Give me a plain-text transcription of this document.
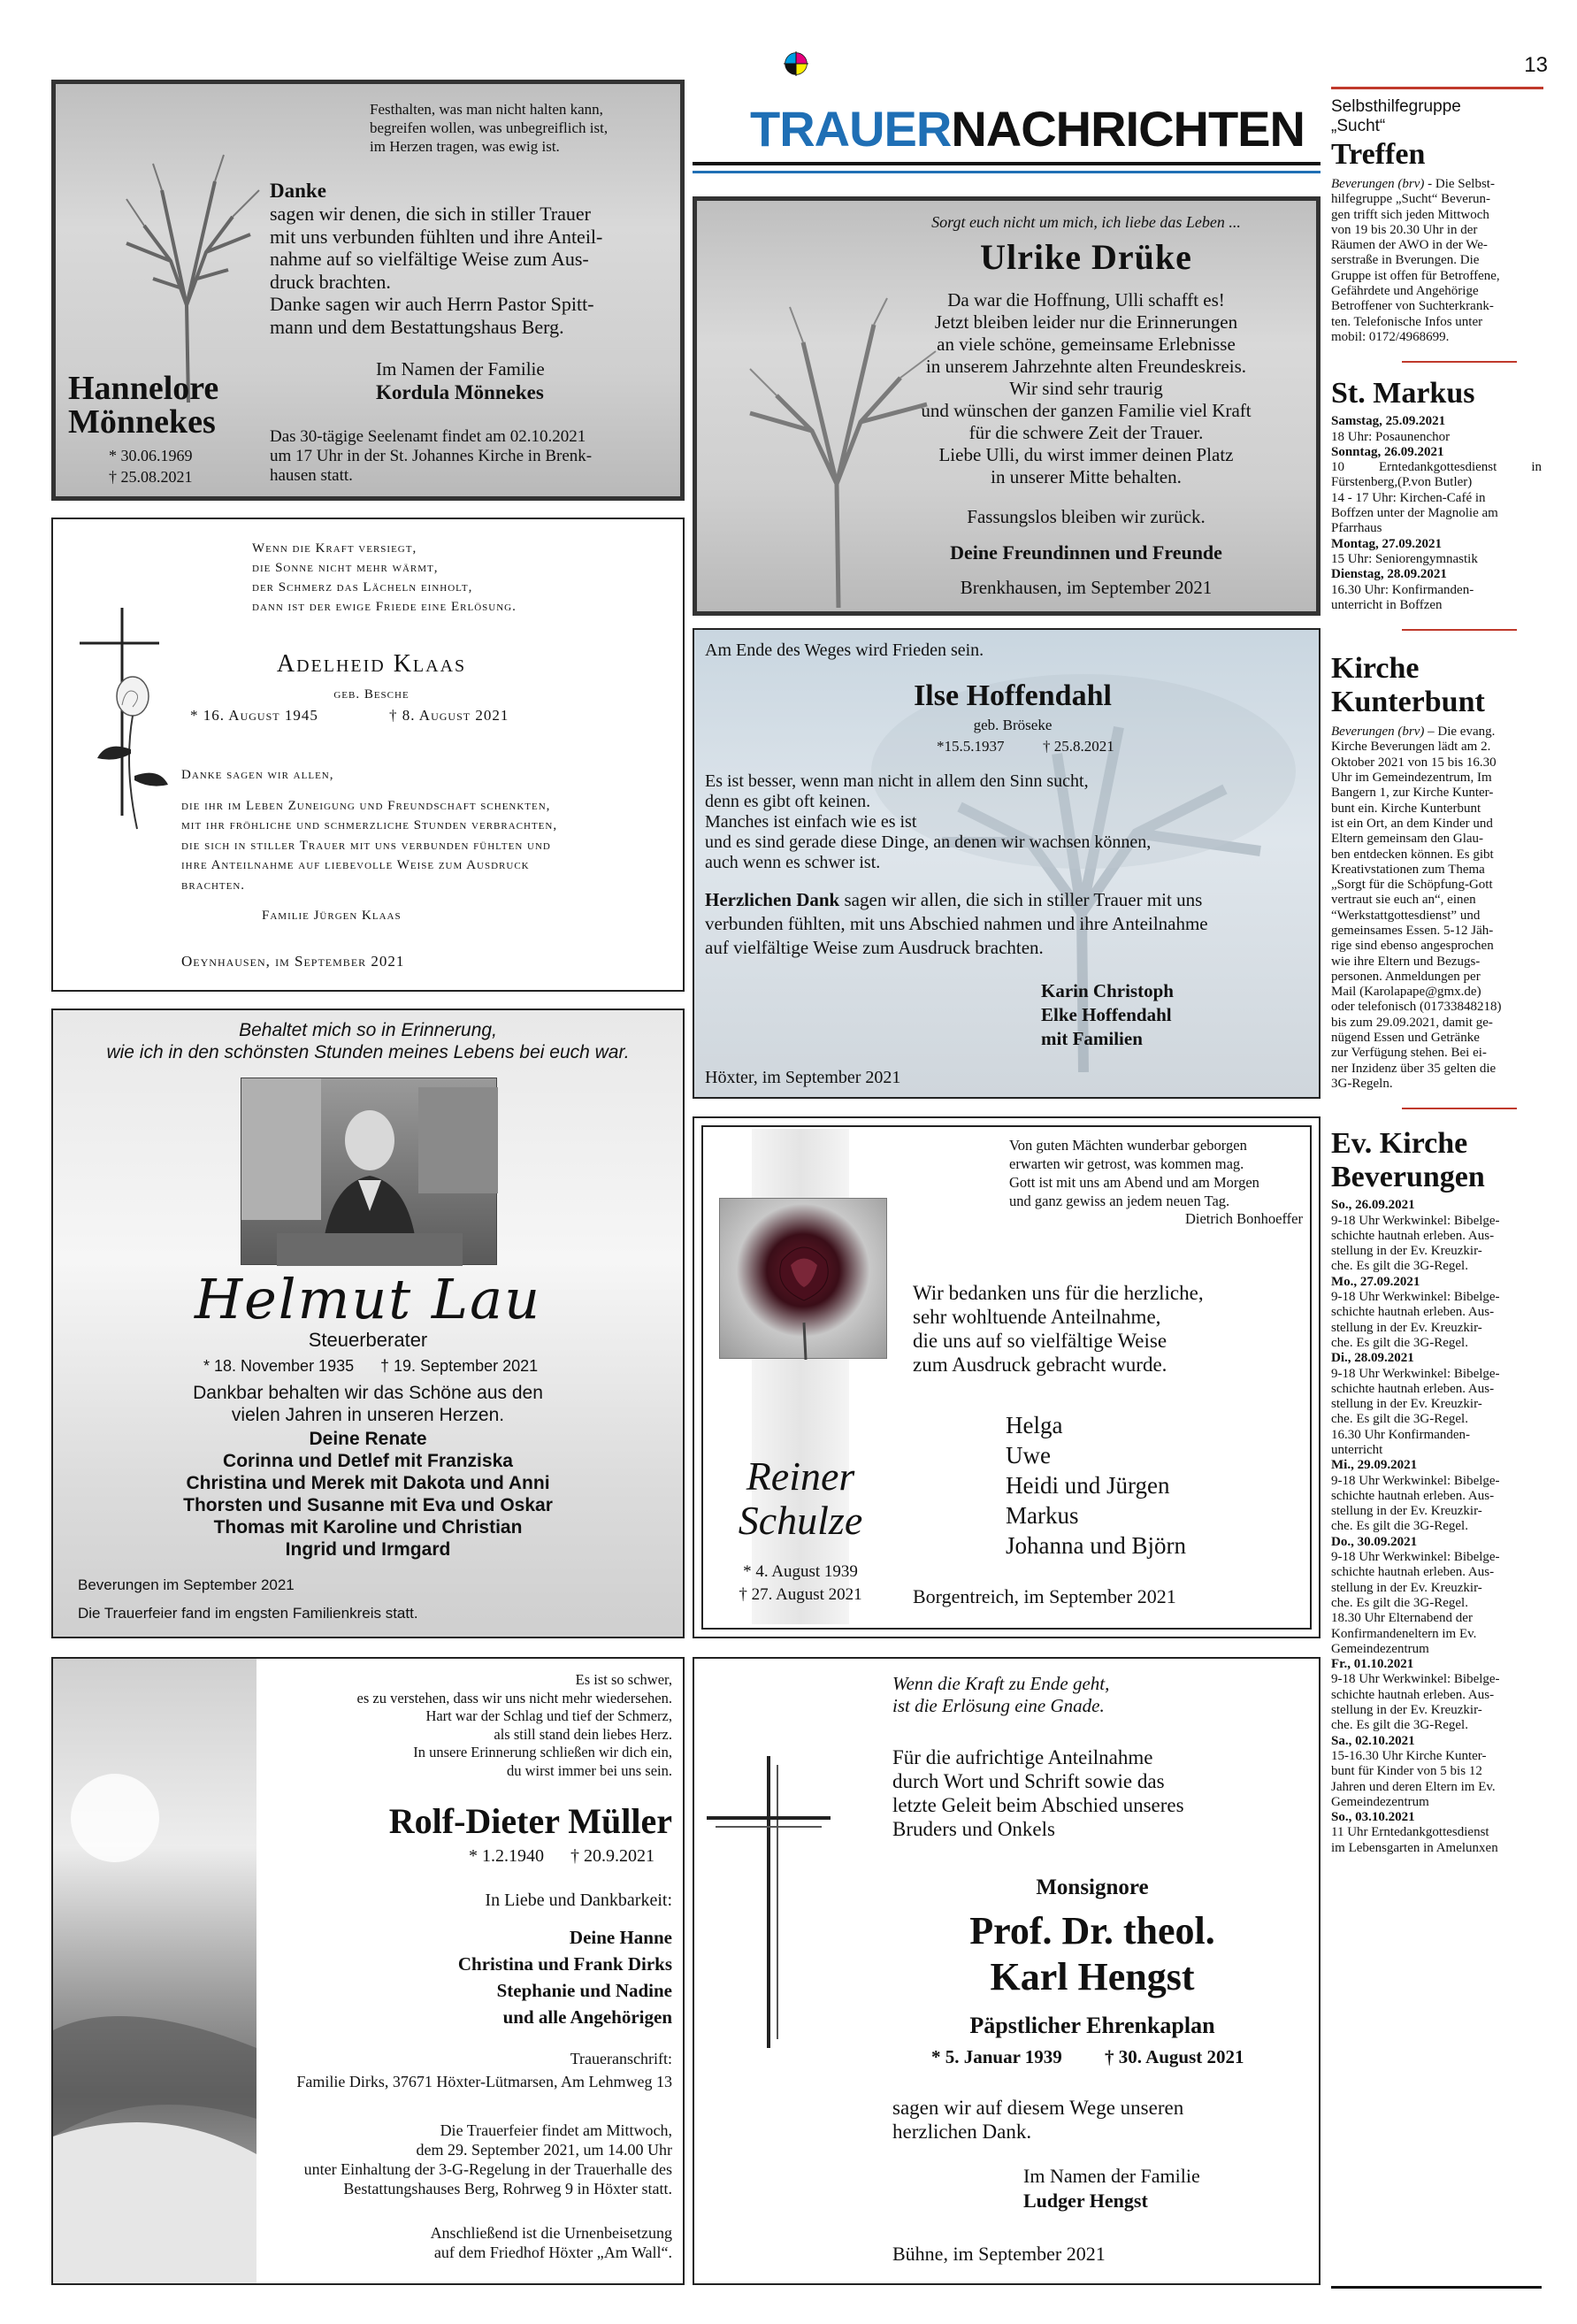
13
TRAUERNACHRICHTEN
Festhalten, was man nicht halten kann,
begreifen wollen, was unbegreiflich ist,
im Herzen tragen, was ewig ist.
Danke
sagen wir denen, die sich in stiller Trauer
mit uns verbunden fühlten und ihre Anteil-
nahme auf so vielfältige Weise zum Aus-
druck brachten.
Danke sagen wir auch Herrn Pastor Spitt-
mann und dem Bestattungshaus Berg.
Im Namen der Familie
Kordula Mönnekes
Hannelore
Mönnekes
* 30.06.1969
† 25.08.2021
Das 30-tägige Seelenamt findet am 02.10.2021
um 17 Uhr in der St. Johannes Kirche in Brenk-
hausen statt.
Sorgt euch nicht um mich, ich liebe das Leben ...
Ulrike Drüke
Da war die Hoffnung, Ulli schafft es!
Jetzt bleiben leider nur die Erinnerungen
an viele schöne, gemeinsame Erlebnisse
in unserem Jahrzehnte alten Freundeskreis.
Wir sind sehr traurig
und wünschen der ganzen Familie viel Kraft
für die schwere Zeit der Trauer.
Liebe Ulli, du wirst immer deinen Platz
in unserer Mitte behalten.
Fassungslos bleiben wir zurück.
Deine Freundinnen und Freunde
Brenkhausen, im September 2021
Wenn die Kraft versiegt,
die Sonne nicht mehr wärmt,
der Schmerz das Lächeln einholt,
dann ist der ewige Friede eine Erlösung.
Adelheid Klaas
geb. Besche
* 16. August 1945	† 8. August 2021
Danke sagen wir allen,
die ihr im Leben Zuneigung und Freundschaft schenkten,
mit ihr fröhliche und schmerzliche Stunden verbrachten,
die sich in stiller Trauer mit uns verbunden fühlten und
ihre Anteilnahme auf liebevolle Weise zum Ausdruck
brachten.
Familie Jürgen Klaas
Oeynhausen, im September 2021
Am Ende des Weges wird Frieden sein.
Ilse Hoffendahl
geb. Bröseke
*15.5.1937	† 25.8.2021
Es ist besser, wenn man nicht in allem den Sinn sucht,
denn es gibt oft keinen.
Manches ist einfach wie es ist
und es sind gerade diese Dinge, an denen wir wachsen können,
auch wenn es schwer ist.
Herzlichen Dank sagen wir allen, die sich in stiller Trauer mit uns
verbunden fühlten, mit uns Abschied nahmen und ihre Anteilnahme
auf vielfältige Weise zum Ausdruck brachten.
Karin Christoph
Elke Hoffendahl
mit Familien
Höxter, im September 2021
Behaltet mich so in Erinnerung,
wie ich in den schönsten Stunden meines Lebens bei euch war.
Helmut Lau
Steuerberater
* 18. November 1935 † 19. September 2021
Dankbar behalten wir das Schöne aus den
vielen Jahren in unseren Herzen.
Deine Renate
Corinna und Detlef mit Franziska
Christina und Merek mit Dakota und Anni
Thorsten und Susanne mit Eva und Oskar
Thomas mit Karoline und Christian
Ingrid und Irmgard
Beverungen im September 2021
Die Trauerfeier fand im engsten Familienkreis statt.
Von guten Mächten wunderbar geborgen
erwarten wir getrost, was kommen mag.
Gott ist mit uns am Abend und am Morgen
und ganz gewiss an jedem neuen Tag.
Dietrich Bonhoeffer
Wir bedanken uns für die herzliche,
sehr wohltuende Anteilnahme,
die uns auf so vielfältige Weise
zum Ausdruck gebracht wurde.
Helga
Uwe
Heidi und Jürgen
Markus
Johanna und Björn
Reiner
Schulze
* 4. August 1939
† 27. August 2021	Borgentreich, im September 2021
Es ist so schwer,
es zu verstehen, dass wir uns nicht mehr wiedersehen.
Hart war der Schlag und tief der Schmerz,
als still stand dein liebes Herz.
In unsere Erinnerung schließen wir dich ein,
du wirst immer bei uns sein.
Rolf-Dieter Müller
* 1.2.1940 † 20.9.2021
In Liebe und Dankbarkeit:
Deine Hanne
Christina und Frank Dirks
Stephanie und Nadine
und alle Angehörigen
Traueranschrift:
Familie Dirks, 37671 Höxter-Lütmarsen, Am Lehmweg 13
Die Trauerfeier findet am Mittwoch,
dem 29. September 2021, um 14.00 Uhr
unter Einhaltung der 3-G-Regelung in der Trauerhalle des
Bestattungshauses Berg, Rohrweg 9 in Höxter statt.
Anschließend ist die Urnenbeisetzung
auf dem Friedhof Höxter „Am Wall“.
Wenn die Kraft zu Ende geht,
ist die Erlösung eine Gnade.
Für die aufrichtige Anteilnahme
durch Wort und Schrift sowie das
letzte Geleit beim Abschied unseres
Bruders und Onkels
Monsignore
Prof. Dr. theol.
Karl Hengst
Päpstlicher Ehrenkaplan
* 5. Januar 1939 † 30. August 2021
sagen wir auf diesem Wege unseren
herzlichen Dank.
Im Namen der Familie
Ludger Hengst
Bühne, im September 2021
Selbsthilfegruppe
„Sucht“
Treffen
Beverungen (brv) - Die Selbst-
hilfegruppe „Sucht“ Beverun-
gen trifft sich jeden Mittwoch
von 19 bis 20.30 Uhr in der
Räumen der AWO in der We-
serstraße in Bverungen. Die
Gruppe ist offen für Betroffene,
Gefährdete und Angehörige
Betroffener von Suchterkrank-
ten. Telefonische Infos unter
mobil: 0172/4968699.
St. Markus
Samstag, 25.09.2021
18 Uhr: Posaunenchor
Sonntag, 26.09.2021
10 Erntedankgottesdienst in
Fürstenberg,(P.von Butler)
14 - 17 Uhr: Kirchen-Café in
Boffzen unter der Magnolie am
Pfarrhaus
Montag, 27.09.2021
15 Uhr: Seniorengymnastik
Dienstag, 28.09.2021
16.30 Uhr: Konfirmanden-
unterricht in Boffzen
Kirche
Kunterbunt
Beverungen (brv) – Die evang.
Kirche Beverungen lädt am 2.
Oktober 2021 von 15 bis 16.30
Uhr im Gemeindezentrum, Im
Bangern 1, zur Kirche Kunter-
bunt ein. Kirche Kunterbunt
ist ein Ort, an dem Kinder und
Eltern gemeinsam den Glau-
ben entdecken können. Es gibt
Kreativstationen zum Thema
„Sorgt für die Schöpfung-Gott
vertraut sie euch an“, einen
“Werkstattgottesdienst” und
gemeinsames Essen. 5-12 Jäh-
rige sind ebenso angesprochen
wie ihre Eltern und Bezugs-
personen. Anmeldungen per
Mail (Karolapape@gmx.de)
oder telefonisch (01733848218)
bis zum 29.09.2021, damit ge-
nügend Essen und Getränke
zur Verfügung stehen. Bei ei-
ner Inzidenz über 35 gelten die
3G-Regeln.
Ev. Kirche
Beverungen
So., 26.09.2021
9-18 Uhr Werkwinkel: Bibelge-
schichte hautnah erleben. Aus-
stellung in der Ev. Kreuzkir-
che. Es gilt die 3G-Regel.
Mo., 27.09.2021
9-18 Uhr Werkwinkel: Bibelge-
schichte hautnah erleben. Aus-
stellung in der Ev. Kreuzkir-
che. Es gilt die 3G-Regel.
Di., 28.09.2021
9-18 Uhr Werkwinkel: Bibelge-
schichte hautnah erleben. Aus-
stellung in der Ev. Kreuzkir-
che. Es gilt die 3G-Regel.
16.30 Uhr Konfirmanden-
unterricht
Mi., 29.09.2021
9-18 Uhr Werkwinkel: Bibelge-
schichte hautnah erleben. Aus-
stellung in der Ev. Kreuzkir-
che. Es gilt die 3G-Regel.
Do., 30.09.2021
9-18 Uhr Werkwinkel: Bibelge-
schichte hautnah erleben. Aus-
stellung in der Ev. Kreuzkir-
che. Es gilt die 3G-Regel.
18.30 Uhr Elternabend der
Konfirmandeneltern im Ev.
Gemeindezentrum
Fr., 01.10.2021
9-18 Uhr Werkwinkel: Bibelge-
schichte hautnah erleben. Aus-
stellung in der Ev. Kreuzkir-
che. Es gilt die 3G-Regel.
Sa., 02.10.2021
15-16.30 Uhr Kirche Kunter-
bunt für Kinder von 5 bis 12
Jahren und deren Eltern im Ev.
Gemeindezentrum
So., 03.10.2021
11 Uhr Erntedankgottesdienst
im Lebensgarten in Amelunxen
